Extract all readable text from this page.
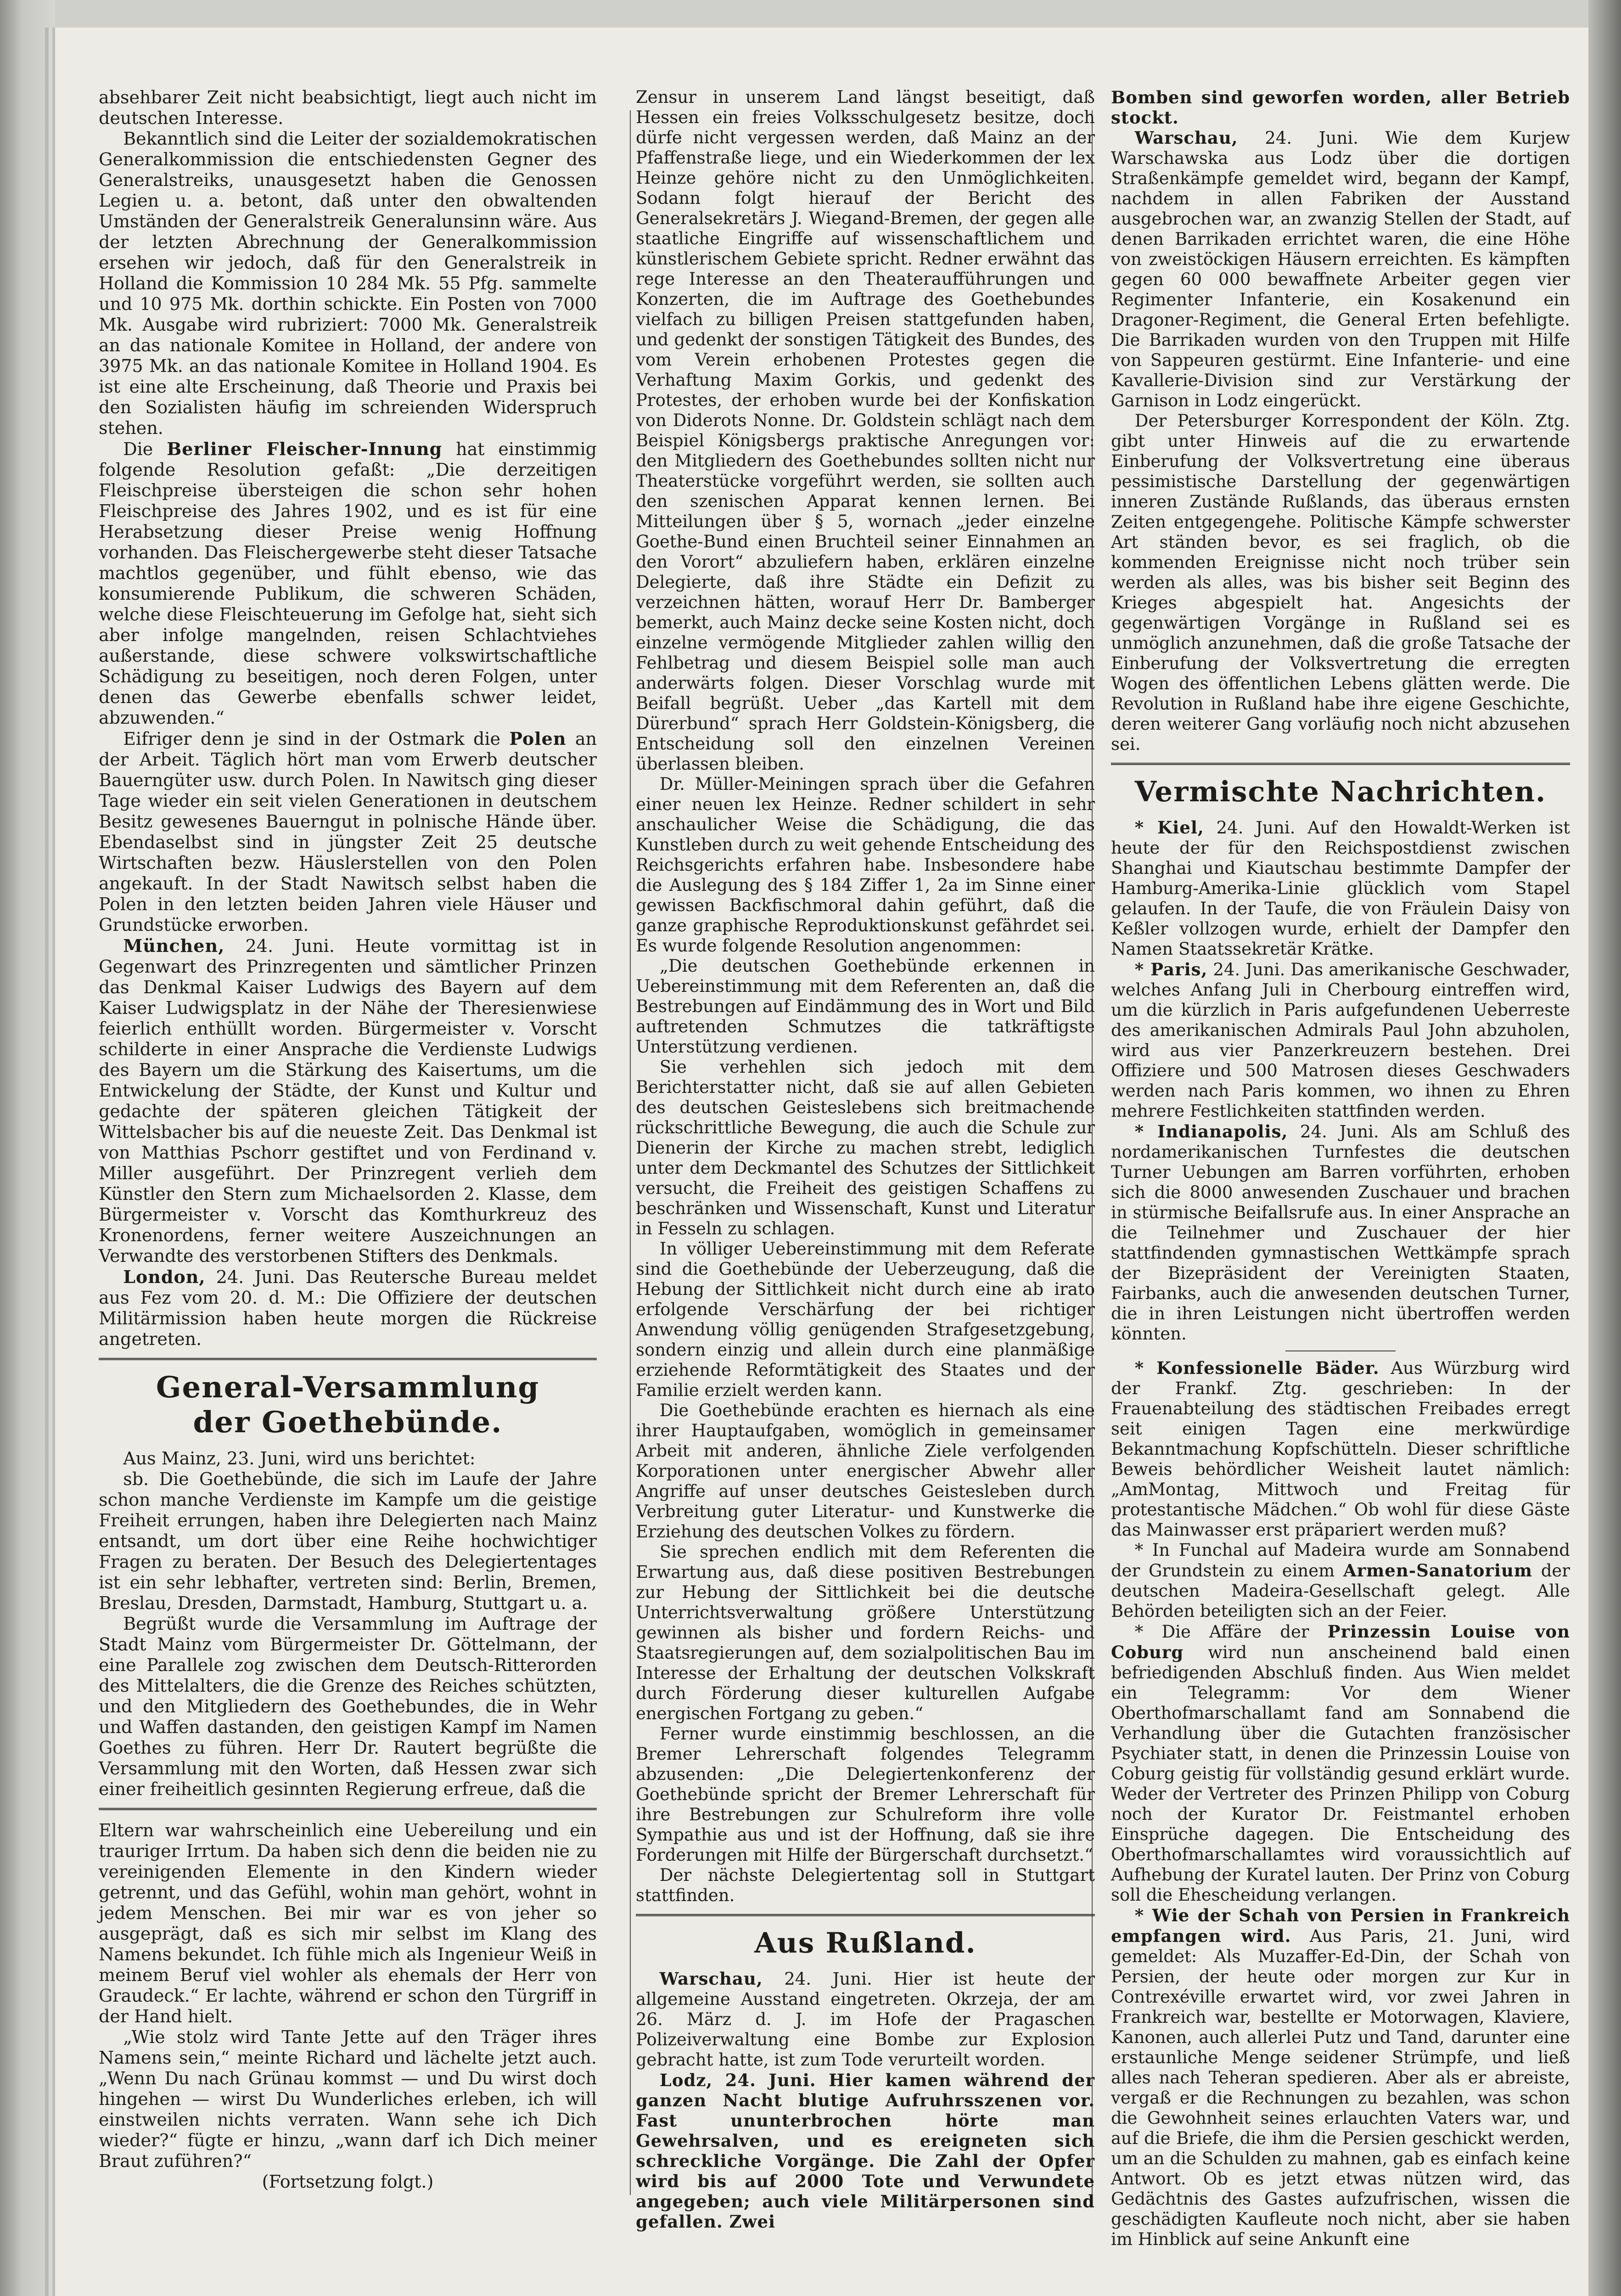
absehbarer Zeit nicht beabsichtigt, liegt auch nicht im deutschen Interesse.

Bekanntlich sind die Leiter der sozialdemokratischen Generalkommission die entschiedensten Gegner des Generalstreiks, unausgesetzt haben die Genossen Legien u. a. betont, daß unter den obwaltenden Umständen der Generalstreik Generalunsinn wäre. Aus der letzten Abrechnung der Generalkommission ersehen wir jedoch, daß für den Generalstreik in Holland die Kommission 10 284 Mk. 55 Pfg. sammelte und 10 975 Mk. dorthin schickte. Ein Posten von 7000 Mk. Ausgabe wird rubriziert: 7000 Mk. Generalstreik an das nationale Komitee in Holland, der andere von 3975 Mk. an das nationale Komitee in Holland 1904. Es ist eine alte Erscheinung, daß Theorie und Praxis bei den Sozialisten häufig im schreienden Widerspruch stehen.

Die Berliner Fleischer-Innung hat einstimmig folgende Resolution gefaßt: „Die derzeitigen Fleischpreise übersteigen die schon sehr hohen Fleischpreise des Jahres 1902, und es ist für eine Herabsetzung dieser Preise wenig Hoffnung vorhanden. Das Fleischergewerbe steht dieser Tatsache machtlos gegenüber, und fühlt ebenso, wie das konsumierende Publikum, die schweren Schäden, welche diese Fleischteuerung im Gefolge hat, sieht sich aber infolge mangelnden, reisen Schlachtviehes außerstande, diese schwere volkswirtschaftliche Schädigung zu beseitigen, noch deren Folgen, unter denen das Gewerbe ebenfalls schwer leidet, abzuwenden.“

Eifriger denn je sind in der Ostmark die Polen an der Arbeit. Täglich hört man vom Erwerb deutscher Bauerngüter usw. durch Polen. In Nawitsch ging dieser Tage wieder ein seit vielen Generationen in deutschem Besitz gewesenes Bauerngut in polnische Hände über. Ebendaselbst sind in jüngster Zeit 25 deutsche Wirtschaften bezw. Häuslerstellen von den Polen angekauft. In der Stadt Nawitsch selbst haben die Polen in den letzten beiden Jahren viele Häuser und Grundstücke erworben.

München, 24. Juni. Heute vormittag ist in Gegenwart des Prinzregenten und sämtlicher Prinzen das Denkmal Kaiser Ludwigs des Bayern auf dem Kaiser Ludwigsplatz in der Nähe der Theresienwiese feierlich enthüllt worden. Bürgermeister v. Vorscht schilderte in einer Ansprache die Verdienste Ludwigs des Bayern um die Stärkung des Kaisertums, um die Entwickelung der Städte, der Kunst und Kultur und gedachte der späteren gleichen Tätigkeit der Wittelsbacher bis auf die neueste Zeit. Das Denkmal ist von Matthias Pschorr gestiftet und von Ferdinand v. Miller ausgeführt. Der Prinzregent verlieh dem Künstler den Stern zum Michaelsorden 2. Klasse, dem Bürgermeister v. Vorscht das Komthurkreuz des Kronenordens, ferner weitere Auszeichnungen an Verwandte des verstorbenen Stifters des Denkmals.

London, 24. Juni. Das Reutersche Bureau meldet aus Fez vom 20. d. M.: Die Offiziere der deutschen Militärmission haben heute morgen die Rückreise angetreten.

General-Versammlung
der Goethebünde.

Aus Mainz, 23. Juni, wird uns berichtet:

sb. Die Goethebünde, die sich im Laufe der Jahre schon manche Verdienste im Kampfe um die geistige Freiheit errungen, haben ihre Delegierten nach Mainz entsandt, um dort über eine Reihe hochwichtiger Fragen zu beraten. Der Besuch des Delegiertentages ist ein sehr lebhafter, vertreten sind: Berlin, Bremen, Breslau, Dresden, Darmstadt, Hamburg, Stuttgart u. a.

Begrüßt wurde die Versammlung im Auftrage der Stadt Mainz vom Bürgermeister Dr. Göttelmann, der eine Parallele zog zwischen dem Deutsch-Ritterorden des Mittelalters, die die Grenze des Reiches schützten, und den Mitgliedern des Goethebundes, die in Wehr und Waffen dastanden, den geistigen Kampf im Namen Goethes zu führen. Herr Dr. Rautert begrüßte die Versammlung mit den Worten, daß Hessen zwar sich einer freiheitlich gesinnten Regierung erfreue, daß die

Eltern war wahrscheinlich eine Uebereilung und ein trauriger Irrtum. Da haben sich denn die beiden nie zu vereinigenden Elemente in den Kindern wieder getrennt, und das Gefühl, wohin man gehört, wohnt in jedem Menschen. Bei mir war es von jeher so ausgeprägt, daß es sich mir selbst im Klang des Namens bekundet. Ich fühle mich als Ingenieur Weiß in meinem Beruf viel wohler als ehemals der Herr von Graudeck.“ Er lachte, während er schon den Türgriff in der Hand hielt.

„Wie stolz wird Tante Jette auf den Träger ihres Namens sein,“ meinte Richard und lächelte jetzt auch. „Wenn Du nach Grünau kommst — und Du wirst doch hingehen — wirst Du Wunderliches erleben, ich will einstweilen nichts verraten. Wann sehe ich Dich wieder?“ fügte er hinzu, „wann darf ich Dich meiner Braut zuführen?“

(Fortsetzung folgt.)

Zensur in unserem Land längst beseitigt, daß Hessen ein freies Volksschulgesetz besitze, doch dürfe nicht vergessen werden, daß Mainz an der Pfaffenstraße liege, und ein Wiederkommen der lex Heinze gehöre nicht zu den Unmöglichkeiten. Sodann folgt hierauf der Bericht des Generalsekretärs J. Wiegand-Bremen, der gegen alle staatliche Eingriffe auf wissenschaftlichem und künstlerischem Gebiete spricht. Redner erwähnt das rege Interesse an den Theateraufführungen und Konzerten, die im Auftrage des Goethebundes vielfach zu billigen Preisen stattgefunden haben, und gedenkt der sonstigen Tätigkeit des Bundes, des vom Verein erhobenen Protestes gegen die Verhaftung Maxim Gorkis, und gedenkt des Protestes, der erhoben wurde bei der Konfiskation von Diderots Nonne. Dr. Goldstein schlägt nach dem Beispiel Königsbergs praktische Anregungen vor: den Mitgliedern des Goethebundes sollten nicht nur Theaterstücke vorgeführt werden, sie sollten auch den szenischen Apparat kennen lernen. Bei Mitteilungen über § 5, wornach „jeder einzelne Goethe-Bund einen Bruchteil seiner Einnahmen an den Vorort“ abzuliefern haben, erklären einzelne Delegierte, daß ihre Städte ein Defizit zu verzeichnen hätten, worauf Herr Dr. Bamberger bemerkt, auch Mainz decke seine Kosten nicht, doch einzelne vermögende Mitglieder zahlen willig den Fehlbetrag und diesem Beispiel solle man auch anderwärts folgen. Dieser Vorschlag wurde mit Beifall begrüßt. Ueber „das Kartell mit dem Dürerbund“ sprach Herr Goldstein-Königsberg, die Entscheidung soll den einzelnen Vereinen überlassen bleiben.

Dr. Müller-Meiningen sprach über die Gefahren einer neuen lex Heinze. Redner schildert in sehr anschaulicher Weise die Schädigung, die das Kunstleben durch zu weit gehende Entscheidung des Reichsgerichts erfahren habe. Insbesondere habe die Auslegung des § 184 Ziffer 1, 2a im Sinne einer gewissen Backfischmoral dahin geführt, daß die ganze graphische Reproduktionskunst gefährdet sei. Es wurde folgende Resolution angenommen:

„Die deutschen Goethebünde erkennen in Uebereinstimmung mit dem Referenten an, daß die Bestrebungen auf Eindämmung des in Wort und Bild auftretenden Schmutzes die tatkräftigste Unterstützung verdienen.

Sie verhehlen sich jedoch mit dem Berichterstatter nicht, daß sie auf allen Gebieten des deutschen Geisteslebens sich breitmachende rückschrittliche Bewegung, die auch die Schule zur Dienerin der Kirche zu machen strebt, lediglich unter dem Deckmantel des Schutzes der Sittlichkeit versucht, die Freiheit des geistigen Schaffens zu beschränken und Wissenschaft, Kunst und Literatur in Fesseln zu schlagen.

In völliger Uebereinstimmung mit dem Referate sind die Goethebünde der Ueberzeugung, daß die Hebung der Sittlichkeit nicht durch eine ab irato erfolgende Verschärfung der bei richtiger Anwendung völlig genügenden Strafgesetzgebung, sondern einzig und allein durch eine planmäßige erziehende Reformtätigkeit des Staates und der Familie erzielt werden kann.

Die Goethebünde erachten es hiernach als eine ihrer Hauptaufgaben, womöglich in gemeinsamer Arbeit mit anderen, ähnliche Ziele verfolgenden Korporationen unter energischer Abwehr aller Angriffe auf unser deutsches Geistesleben durch Verbreitung guter Literatur- und Kunstwerke die Erziehung des deutschen Volkes zu fördern.

Sie sprechen endlich mit dem Referenten die Erwartung aus, daß diese positiven Bestrebungen zur Hebung der Sittlichkeit bei die deutsche Unterrichtsverwaltung größere Unterstützung gewinnen als bisher und fordern Reichs- und Staatsregierungen auf, dem sozialpolitischen Bau im Interesse der Erhaltung der deutschen Volkskraft durch Förderung dieser kulturellen Aufgabe energischen Fortgang zu geben.“

Ferner wurde einstimmig beschlossen, an die Bremer Lehrerschaft folgendes Telegramm abzusenden: „Die Delegiertenkonferenz der Goethebünde spricht der Bremer Lehrerschaft für ihre Bestrebungen zur Schulreform ihre volle Sympathie aus und ist der Hoffnung, daß sie ihre Forderungen mit Hilfe der Bürgerschaft durchsetzt.“

Der nächste Delegiertentag soll in Stuttgart stattfinden.

Aus Rußland.

Warschau, 24. Juni. Hier ist heute der allgemeine Ausstand eingetreten. Okrzeja, der am 26. März d. J. im Hofe der Pragaschen Polizeiverwaltung eine Bombe zur Explosion gebracht hatte, ist zum Tode verurteilt worden.

Lodz, 24. Juni. Hier kamen während der ganzen Nacht blutige Aufruhrsszenen vor. Fast ununterbrochen hörte man Gewehrsalven, und es ereigneten sich schreckliche Vorgänge. Die Zahl der Opfer wird bis auf 2000 Tote und Verwundete angegeben; auch viele Militärpersonen sind gefallen. Zwei

Bomben sind geworfen worden, aller Betrieb stockt.

Warschau, 24. Juni. Wie dem Kurjew Warschawska aus Lodz über die dortigen Straßenkämpfe gemeldet wird, begann der Kampf, nachdem in allen Fabriken der Ausstand ausgebrochen war, an zwanzig Stellen der Stadt, auf denen Barrikaden errichtet waren, die eine Höhe von zweistöckigen Häusern erreichten. Es kämpften gegen 60 000 bewaffnete Arbeiter gegen vier Regimenter Infanterie, ein Kosakenund ein Dragoner-Regiment, die General Erten befehligte. Die Barrikaden wurden von den Truppen mit Hilfe von Sappeuren gestürmt. Eine Infanterie- und eine Kavallerie-Division sind zur Verstärkung der Garnison in Lodz eingerückt.

Der Petersburger Korrespondent der Köln. Ztg. gibt unter Hinweis auf die zu erwartende Einberufung der Volksvertretung eine überaus pessimistische Darstellung der gegenwärtigen inneren Zustände Rußlands, das überaus ernsten Zeiten entgegengehe. Politische Kämpfe schwerster Art ständen bevor, es sei fraglich, ob die kommenden Ereignisse nicht noch trüber sein werden als alles, was bis bisher seit Beginn des Krieges abgespielt hat. Angesichts der gegenwärtigen Vorgänge in Rußland sei es unmöglich anzunehmen, daß die große Tatsache der Einberufung der Volksvertretung die erregten Wogen des öffentlichen Lebens glätten werde. Die Revolution in Rußland habe ihre eigene Geschichte, deren weiterer Gang vorläufig noch nicht abzusehen sei.

Vermischte Nachrichten.

* Kiel, 24. Juni. Auf den Howaldt-Werken ist heute der für den Reichspostdienst zwischen Shanghai und Kiautschau bestimmte Dampfer der Hamburg-Amerika-Linie glücklich vom Stapel gelaufen. In der Taufe, die von Fräulein Daisy von Keßler vollzogen wurde, erhielt der Dampfer den Namen Staatssekretär Krätke.

* Paris, 24. Juni. Das amerikanische Geschwader, welches Anfang Juli in Cherbourg eintreffen wird, um die kürzlich in Paris aufgefundenen Ueberreste des amerikanischen Admirals Paul John abzuholen, wird aus vier Panzerkreuzern bestehen. Drei Offiziere und 500 Matrosen dieses Geschwaders werden nach Paris kommen, wo ihnen zu Ehren mehrere Festlichkeiten stattfinden werden.

* Indianapolis, 24. Juni. Als am Schluß des nordamerikanischen Turnfestes die deutschen Turner Uebungen am Barren vorführten, erhoben sich die 8000 anwesenden Zuschauer und brachen in stürmische Beifallsrufe aus. In einer Ansprache an die Teilnehmer und Zuschauer der hier stattfindenden gymnastischen Wettkämpfe sprach der Bizepräsident der Vereinigten Staaten, Fairbanks, auch die anwesenden deutschen Turner, die in ihren Leistungen nicht übertroffen werden könnten.

* Konfessionelle Bäder. Aus Würzburg wird der Frankf. Ztg. geschrieben: In der Frauenabteilung des städtischen Freibades erregt seit einigen Tagen eine merkwürdige Bekanntmachung Kopfschütteln. Dieser schriftliche Beweis behördlicher Weisheit lautet nämlich: „AmMontag, Mittwoch und Freitag für protestantische Mädchen.“ Ob wohl für diese Gäste das Mainwasser erst präpariert werden muß?

* In Funchal auf Madeira wurde am Sonnabend der Grundstein zu einem Armen-Sanatorium der deutschen Madeira-Gesellschaft gelegt. Alle Behörden beteiligten sich an der Feier.

* Die Affäre der Prinzessin Louise von Coburg wird nun anscheinend bald einen befriedigenden Abschluß finden. Aus Wien meldet ein Telegramm: Vor dem Wiener Oberthofmarschallamt fand am Sonnabend die Verhandlung über die Gutachten französischer Psychiater statt, in denen die Prinzessin Louise von Coburg geistig für vollständig gesund erklärt wurde. Weder der Vertreter des Prinzen Philipp von Coburg noch der Kurator Dr. Feistmantel erhoben Einsprüche dagegen. Die Entscheidung des Oberthofmarschallamtes wird voraussichtlich auf Aufhebung der Kuratel lauten. Der Prinz von Coburg soll die Ehescheidung verlangen.

* Wie der Schah von Persien in Frankreich empfangen wird. Aus Paris, 21. Juni, wird gemeldet: Als Muzaffer-Ed-Din, der Schah von Persien, der heute oder morgen zur Kur in Contrexéville erwartet wird, vor zwei Jahren in Frankreich war, bestellte er Motorwagen, Klaviere, Kanonen, auch allerlei Putz und Tand, darunter eine erstaunliche Menge seidener Strümpfe, und ließ alles nach Teheran spedieren. Aber als er abreiste, vergaß er die Rechnungen zu bezahlen, was schon die Gewohnheit seines erlauchten Vaters war, und auf die Briefe, die ihm die Persien geschickt werden, um an die Schulden zu mahnen, gab es einfach keine Antwort. Ob es jetzt etwas nützen wird, das Gedächtnis des Gastes aufzufrischen, wissen die geschädigten Kaufleute noch nicht, aber sie haben im Hinblick auf seine Ankunft eine
